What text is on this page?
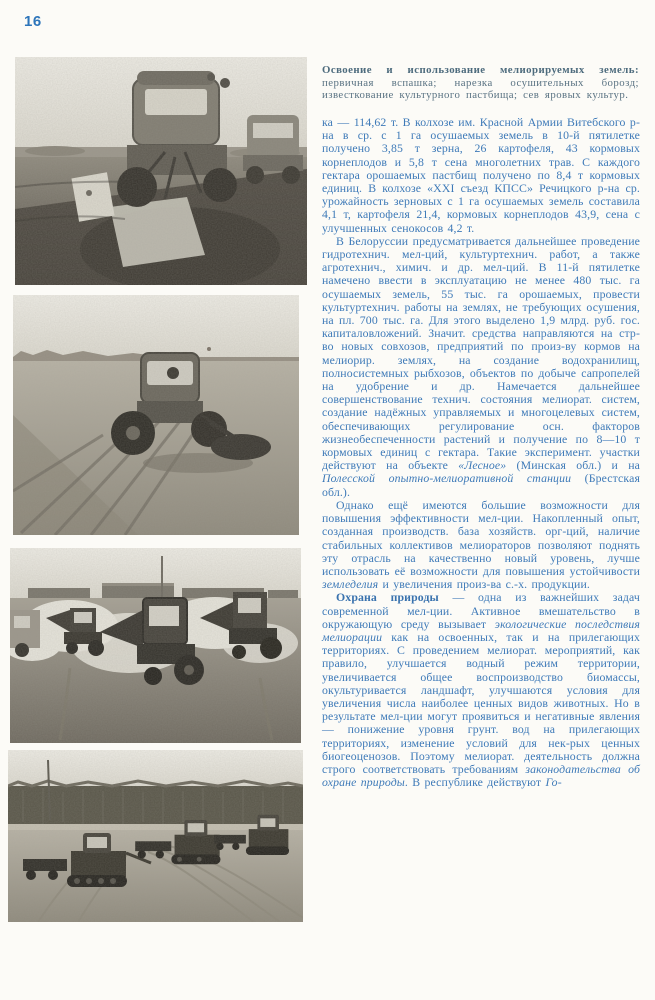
16
Освоение и использование мелиорируемых земель: первичная вспашка; нарезка осушительных борозд; известкование культурного пастбища; сев яровых культур.

ка — 114,62 т. В колхозе им. Красной Армии Витебского р-на в ср. с 1 га осушаемых земель в 10-й пятилетке получено 3,85 т зерна, 26 картофеля, 43 кормовых корнеплодов и 5,8 т сена многолетних трав. С каждого гектара орошаемых пастбищ получено по 8,4 т кормовых единиц. В колхозе «XXI съезд КПСС» Речицкого р-на ср. урожайность зерновых с 1 га осушаемых земель составила 4,1 т, картофеля 21,4, кормовых корнеплодов 43,9, сена с улучшенных сенокосов 4,2 т.

В Белоруссии предусматривается дальнейшее проведение гидротехнич. мел-ций, культуртехнич. работ, а также агротехнич., химич. и др. мел-ций. В 11-й пятилетке намечено ввести в эксплуатацию не менее 480 тыс. га осушаемых земель, 55 тыс. га орошаемых, провести культуртехнич. работы на землях, не требующих осушения, на пл. 700 тыс. га. Для этого выделено 1,9 млрд. руб. гос. капиталовложений. Значит. средства направляются на стр-во новых совхозов, предприятий по произ-ву кормов на мелиорир. землях, на создание водохранилищ, полносистемных рыбхозов, объектов по добыче сапропелей на удобрение и др. Намечается дальнейшее совершенствование технич. состояния мелиорат. систем, создание надёжных управляемых и многоцелевых систем, обеспечивающих регулирование осн. факторов жизнеобеспеченности растений и получение по 8—10 т кормовых единиц с гектара. Такие эксперимент. участки действуют на объекте «Лесное» (Минская обл.) и на Полесской опытно-мелиоративной станции (Брестская обл.).

Однако ещё имеются большие возможности для повышения эффективности мел-ции. Накопленный опыт, созданная производств. база хозяйств. орг-ций, наличие стабильных коллективов мелиораторов позволяют поднять эту отрасль на качественно новый уровень, лучше использовать её возможности для повышения устойчивости земледелия и увеличения произ-ва с.-х. продукции.

Охрана природы — одна из важнейших задач современной мел-ции. Активное вмешательство в окружающую среду вызывает экологические последствия мелиорации как на освоенных, так и на прилегающих территориях. С проведением мелиорат. мероприятий, как правило, улучшается водный режим территории, увеличивается общее воспроизводство биомассы, окультуривается ландшафт, улучшаются условия для увеличения числа наиболее ценных видов животных. Но в результате мел-ции могут проявиться и негативные явления — понижение уровня грунт. вод на прилегающих территориях, изменение условий для нек-рых ценных биогеоценозов. Поэтому мелиорат. деятельность должна строго соответствовать требованиям законодательства об охране природы. В республике действуют Го-
